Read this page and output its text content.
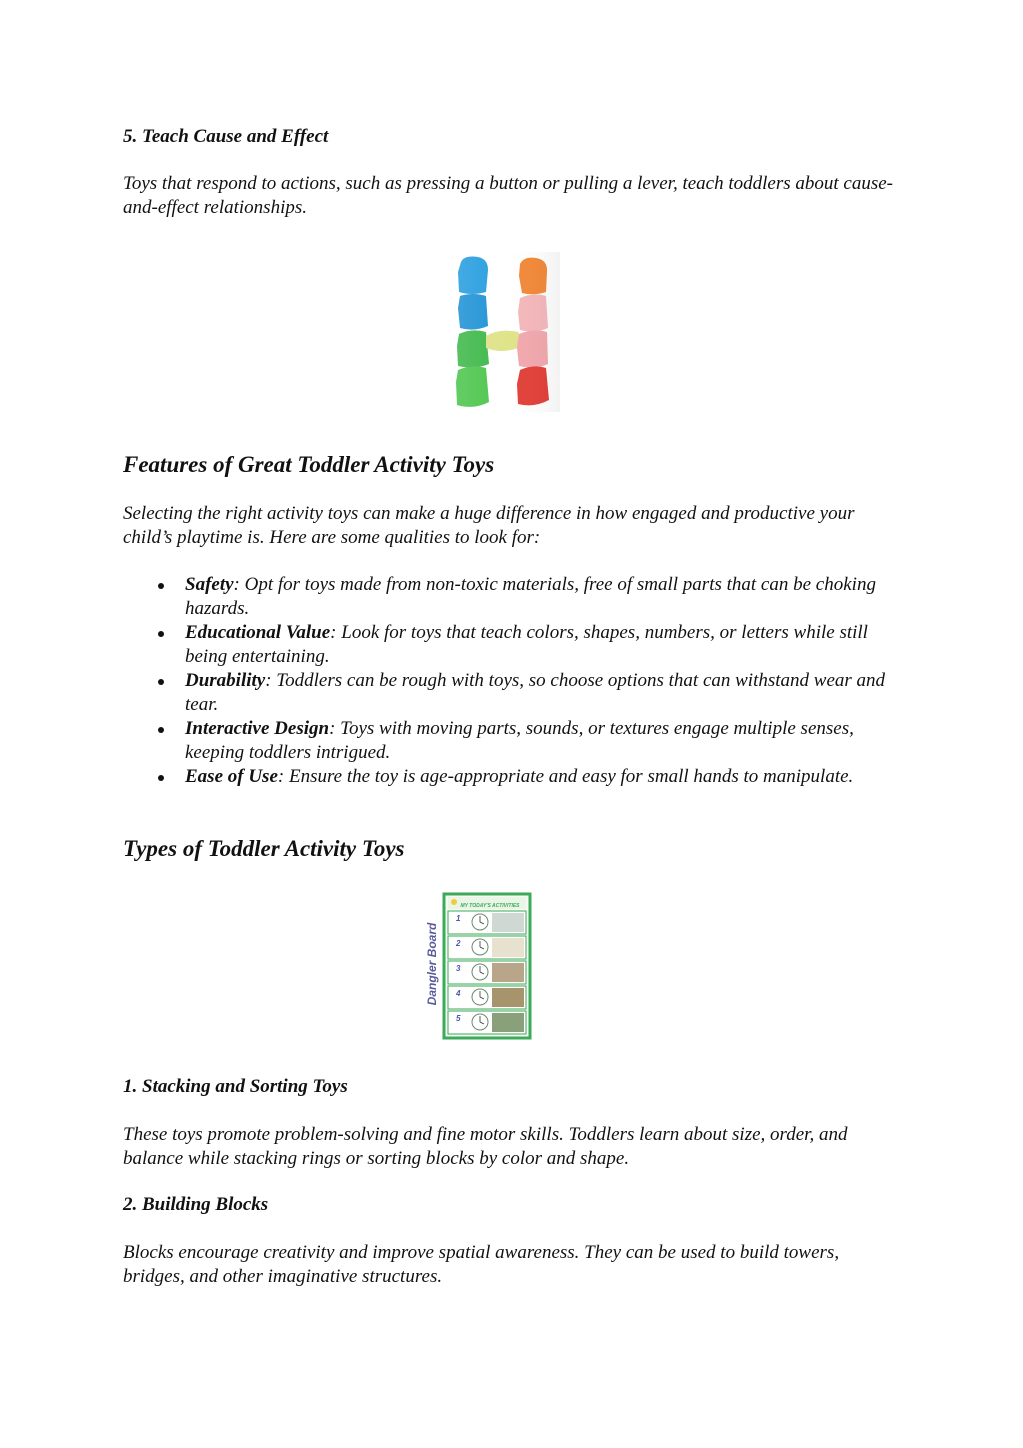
5. Teach Cause and Effect
Toys that respond to actions, such as pressing a button or pulling a lever, teach toddlers about cause-and-effect relationships.
Features of Great Toddler Activity Toys
Selecting the right activity toys can make a huge difference in how engaged and productive your child’s playtime is. Here are some qualities to look for:
Safety: Opt for toys made from non-toxic materials, free of small parts that can be choking hazards.
Educational Value: Look for toys that teach colors, shapes, numbers, or letters while still being entertaining.
Durability: Toddlers can be rough with toys, so choose options that can withstand wear and tear.
Interactive Design: Toys with moving parts, sounds, or textures engage multiple senses, keeping toddlers intrigued.
Ease of Use: Ensure the toy is age-appropriate and easy for small hands to manipulate.
Types of Toddler Activity Toys
Dangler Board
MY TODAY'S ACTIVITIES
1
2
3
4
5
1. Stacking and Sorting Toys
These toys promote problem-solving and fine motor skills. Toddlers learn about size, order, and balance while stacking rings or sorting blocks by color and shape.
2. Building Blocks
Blocks encourage creativity and improve spatial awareness. They can be used to build towers, bridges, and other imaginative structures.
